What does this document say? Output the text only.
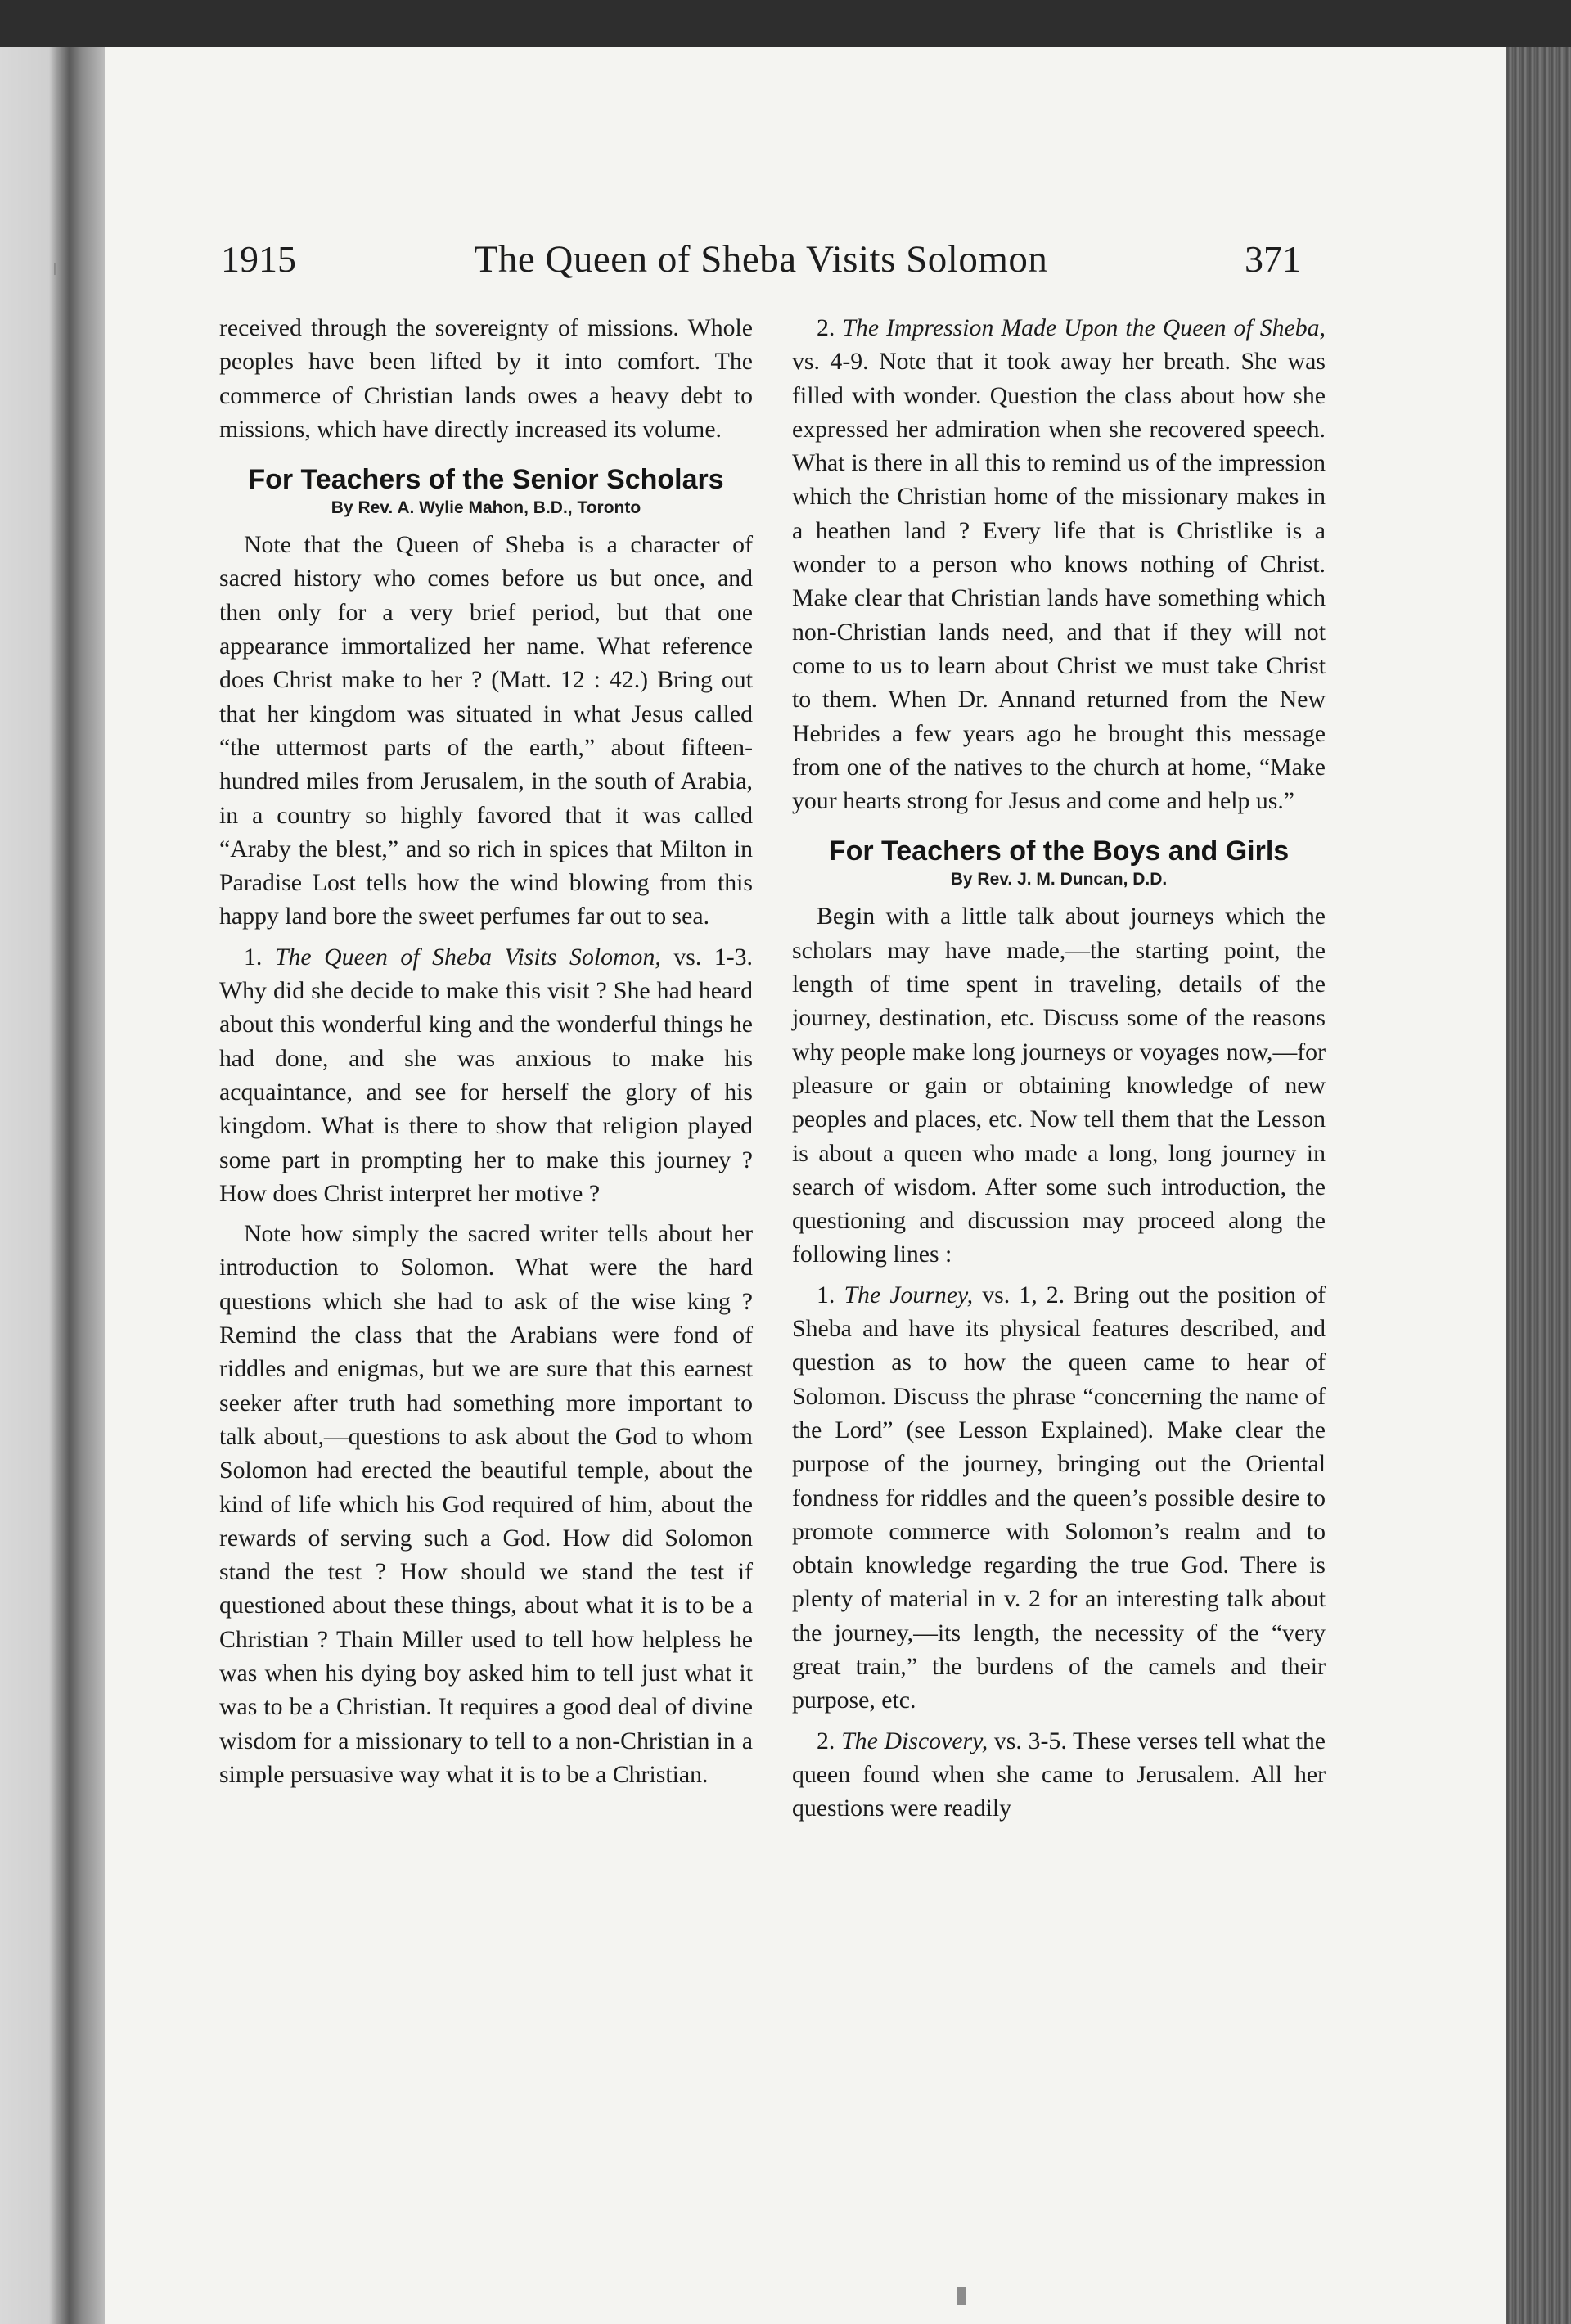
1915	The Queen of Sheba Visits Solomon	371

received through the sovereignty of missions. Whole peoples have been lifted by it into comfort. The commerce of Christian lands owes a heavy debt to missions, which have directly increased its volume.

For Teachers of the Senior Scholars
By Rev. A. Wylie Mahon, B.D., Toronto

Note that the Queen of Sheba is a character of sacred history who comes before us but once, and then only for a very brief period, but that one appearance immortalized her name. What reference does Christ make to her ? (Matt. 12 : 42.) Bring out that her kingdom was situated in what Jesus called “the uttermost parts of the earth,” about fifteen-hundred miles from Jerusalem, in the south of Arabia, in a country so highly favored that it was called “Araby the blest,” and so rich in spices that Milton in Paradise Lost tells how the wind blowing from this happy land bore the sweet perfumes far out to sea.

1. The Queen of Sheba Visits Solomon, vs. 1-3. Why did she decide to make this visit ? She had heard about this wonderful king and the wonderful things he had done, and she was anxious to make his acquaintance, and see for herself the glory of his kingdom. What is there to show that religion played some part in prompting her to make this journey ? How does Christ interpret her motive ?

Note how simply the sacred writer tells about her introduction to Solomon. What were the hard questions which she had to ask of the wise king ? Remind the class that the Arabians were fond of riddles and enigmas, but we are sure that this earnest seeker after truth had something more important to talk about,—questions to ask about the God to whom Solomon had erected the beautiful temple, about the kind of life which his God required of him, about the rewards of serving such a God. How did Solomon stand the test ? How should we stand the test if questioned about these things, about what it is to be a Christian ? Thain Miller used to tell how helpless he was when his dying boy asked him to tell just what it was to be a Christian. It requires a good deal of divine wisdom for a missionary to tell to a non-Christian in a simple persuasive way what it is to be a Christian.

2. The Impression Made Upon the Queen of Sheba, vs. 4-9. Note that it took away her breath. She was filled with wonder. Question the class about how she expressed her admiration when she recovered speech. What is there in all this to remind us of the impression which the Christian home of the missionary makes in a heathen land ? Every life that is Christlike is a wonder to a person who knows nothing of Christ. Make clear that Christian lands have something which non-Christian lands need, and that if they will not come to us to learn about Christ we must take Christ to them. When Dr. Annand returned from the New Hebrides a few years ago he brought this message from one of the natives to the church at home, “Make your hearts strong for Jesus and come and help us.”

For Teachers of the Boys and Girls
By Rev. J. M. Duncan, D.D.

Begin with a little talk about journeys which the scholars may have made,—the starting point, the length of time spent in traveling, details of the journey, destination, etc. Discuss some of the reasons why people make long journeys or voyages now,—for pleasure or gain or obtaining knowledge of new peoples and places, etc. Now tell them that the Lesson is about a queen who made a long, long journey in search of wisdom. After some such introduction, the questioning and discussion may proceed along the following lines :

1. The Journey, vs. 1, 2. Bring out the position of Sheba and have its physical features described, and question as to how the queen came to hear of Solomon. Discuss the phrase “concerning the name of the Lord” (see Lesson Explained). Make clear the purpose of the journey, bringing out the Oriental fondness for riddles and the queen’s possible desire to promote commerce with Solomon’s realm and to obtain knowledge regarding the true God. There is plenty of material in v. 2 for an interesting talk about the journey,—its length, the necessity of the “very great train,” the burdens of the camels and their purpose, etc.

2. The Discovery, vs. 3-5. These verses tell what the queen found when she came to Jerusalem. All her questions were readily
